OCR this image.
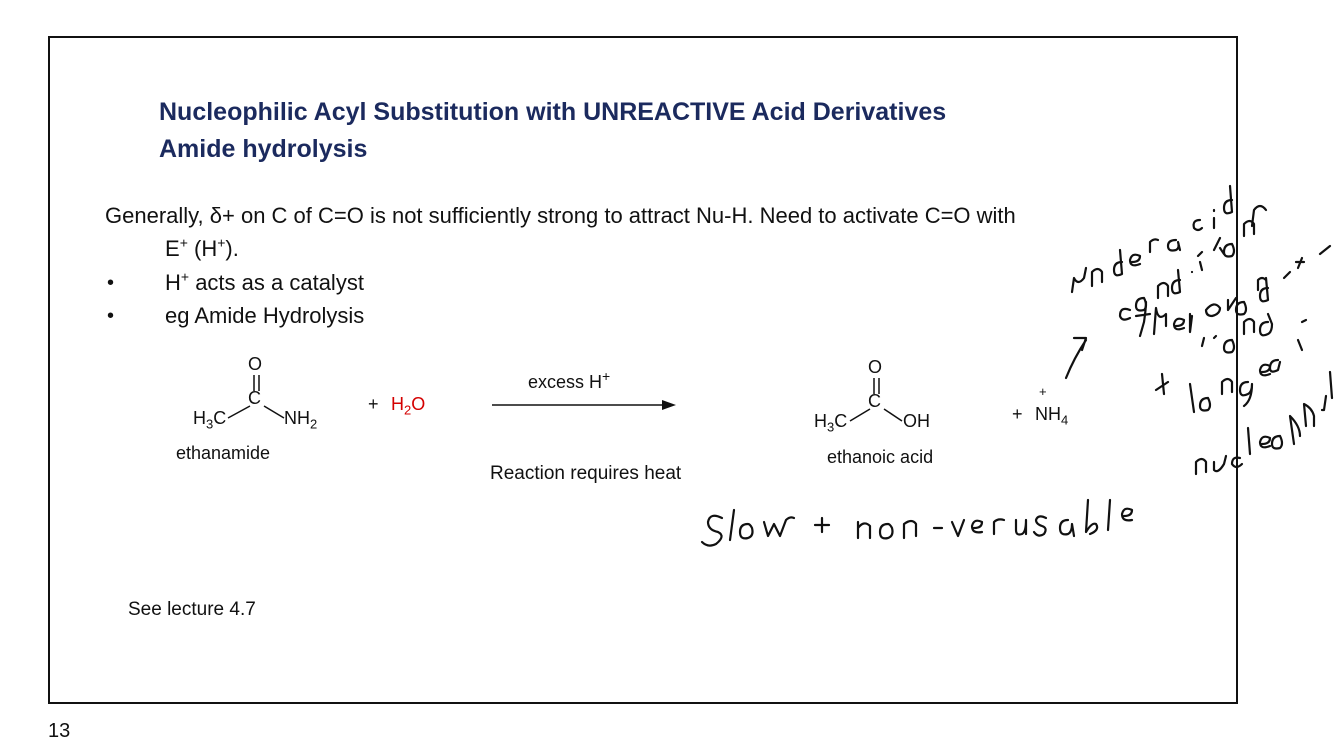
Nucleophilic Acyl Substitution with UNREACTIVE Acid Derivatives
Amide hydrolysis
Generally, δ+ on C of C=O is not sufficiently strong to attract Nu-H. Need to activate C=O with
E+ (H+).
• H+ acts as a catalyst
• eg Amide Hydrolysis
O
C
$H_3C$	$NH_2$
ethanamide
+ $H_2O$
excess H+
Reaction requires heat
O
C
$H_3C$	OH
ethanoic acid
+
+
$NH_4$
See lecture 4.7
13
